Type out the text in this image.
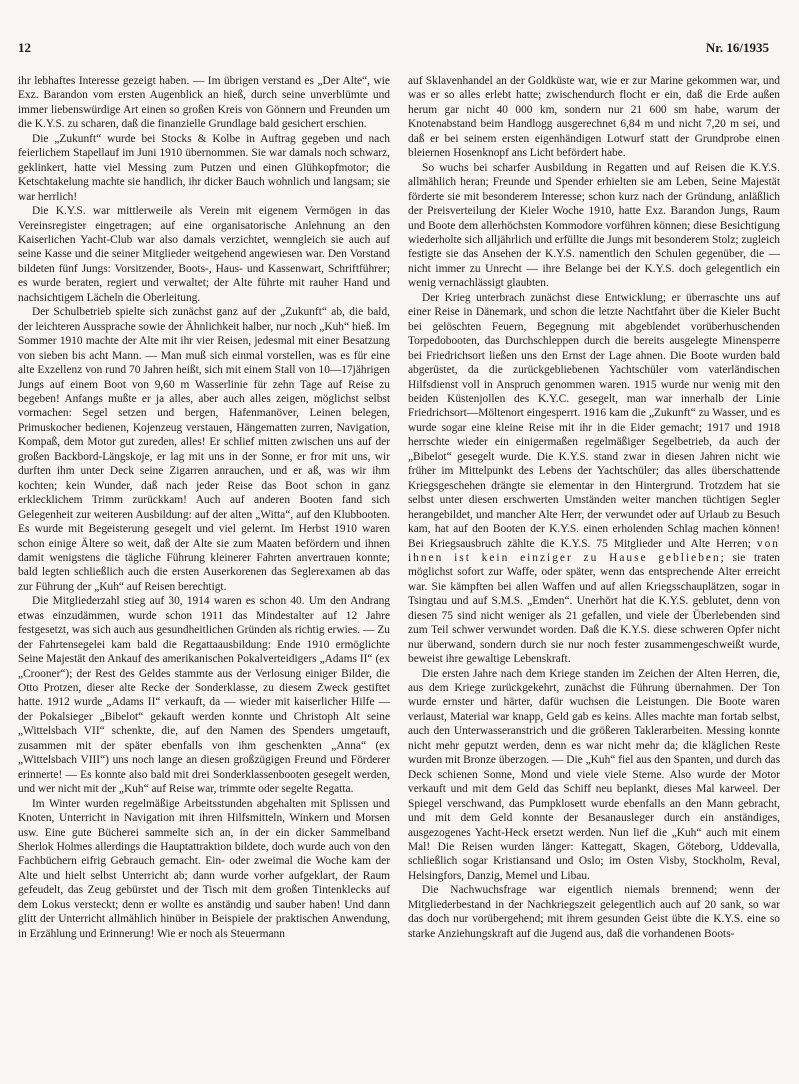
12	Nr. 16/1935

ihr lebhaftes Interesse gezeigt haben. — Im übrigen verstand es „Der Alte“, wie Exz. Barandon vom ersten Augenblick an hieß, durch seine unverblümte und immer liebenswürdige Art einen so großen Kreis von Gönnern und Freunden um die K.Y.S. zu scharen, daß die finanzielle Grundlage bald gesichert erschien.

Die „Zukunft“ wurde bei Stocks & Kolbe in Auftrag gegeben und nach feierlichem Stapellauf im Juni 1910 übernommen. Sie war damals noch schwarz, geklinkert, hatte viel Messing zum Putzen und einen Glühkopfmotor; die Ketschtakelung machte sie handlich, ihr dicker Bauch wohnlich und langsam; sie war herrlich!

Die K.Y.S. war mittlerweile als Verein mit eigenem Vermögen in das Vereinsregister eingetragen; auf eine organisatorische Anlehnung an den Kaiserlichen Yacht-Club war also damals verzichtet, wenngleich sie auch auf seine Kasse und die seiner Mitglieder weitgehend angewiesen war. Den Vorstand bildeten fünf Jungs: Vorsitzender, Boots-, Haus- und Kassenwart, Schriftführer; es wurde beraten, regiert und verwaltet; der Alte führte mit rauher Hand und nachsichtigem Lächeln die Oberleitung.

Der Schulbetrieb spielte sich zunächst ganz auf der „Zukunft“ ab, die bald, der leichteren Aussprache sowie der Ähnlichkeit halber, nur noch „Kuh“ hieß. Im Sommer 1910 machte der Alte mit ihr vier Reisen, jedesmal mit einer Besatzung von sieben bis acht Mann. — Man muß sich einmal vorstellen, was es für eine alte Exzellenz von rund 70 Jahren heißt, sich mit einem Stall von 10—17jährigen Jungs auf einem Boot von 9,60 m Wasserlinie für zehn Tage auf Reise zu begeben! Anfangs mußte er ja alles, aber auch alles zeigen, möglichst selbst vormachen: Segel setzen und bergen, Hafenmanöver, Leinen belegen, Primuskocher bedienen, Kojenzeug verstauen, Hängematten zurren, Navigation, Kompaß, dem Motor gut zureden, alles! Er schlief mitten zwischen uns auf der großen Backbord-Längskoje, er lag mit uns in der Sonne, er fror mit uns, wir durften ihm unter Deck seine Zigarren anrauchen, und er aß, was wir ihm kochten; kein Wunder, daß nach jeder Reise das Boot schon in ganz erklecklichem Trimm zurückkam! Auch auf anderen Booten fand sich Gelegenheit zur weiteren Ausbildung: auf der alten „Witta“, auf den Klubbooten. Es wurde mit Begeisterung gesegelt und viel gelernt. Im Herbst 1910 waren schon einige Ältere so weit, daß der Alte sie zum Maaten befördern und ihnen damit wenigstens die tägliche Führung kleinerer Fahrten anvertrauen konnte; bald legten schließlich auch die ersten Auserkorenen das Seglerexamen ab das zur Führung der „Kuh“ auf Reisen berechtigt.

Die Mitgliederzahl stieg auf 30, 1914 waren es schon 40. Um den Andrang etwas einzudämmen, wurde schon 1911 das Mindestalter auf 12 Jahre festgesetzt, was sich auch aus gesundheitlichen Gründen als richtig erwies. — Zu der Fahrtensegelei kam bald die Regattaausbildung: Ende 1910 ermöglichte Seine Majestät den Ankauf des amerikanischen Pokalverteidigers „Adams II“ (ex „Crooner“); der Rest des Geldes stammte aus der Verlosung einiger Bilder, die Otto Protzen, dieser alte Recke der Sonderklasse, zu diesem Zweck gestiftet hatte. 1912 wurde „Adams II“ verkauft, da — wieder mit kaiserlicher Hilfe — der Pokalsieger „Bibelot“ gekauft werden konnte und Christoph Alt seine „Wittelsbach VII“ schenkte, die, auf den Namen des Spenders umgetauft, zusammen mit der später ebenfalls von ihm geschenkten „Anna“ (ex „Wittelsbach VIII“) uns noch lange an diesen großzügigen Freund und Förderer erinnerte! — Es konnte also bald mit drei Sonderklassenbooten gesegelt werden, und wer nicht mit der „Kuh“ auf Reise war, trimmte oder segelte Regatta.

Im Winter wurden regelmäßige Arbeitsstunden abgehalten mit Splissen und Knoten, Unterricht in Navigation mit ihren Hilfsmitteln, Winkern und Morsen usw. Eine gute Bücherei sammelte sich an, in der ein dicker Sammelband Sherlok Holmes allerdings die Hauptattraktion bildete, doch wurde auch von den Fachbüchern eifrig Gebrauch gemacht. Ein- oder zweimal die Woche kam der Alte und hielt selbst Unterricht ab; dann wurde vorher aufgeklart, der Raum gefeudelt, das Zeug gebürstet und der Tisch mit dem großen Tintenklecks auf dem Lokus versteckt; denn er wollte es anständig und sauber haben! Und dann glitt der Unterricht allmählich hinüber in Beispiele der praktischen Anwendung, in Erzählung und Erinnerung! Wie er noch als Steuermann

auf Sklavenhandel an der Goldküste war, wie er zur Marine gekommen war, und was er so alles erlebt hatte; zwischendurch flocht er ein, daß die Erde außen herum gar nicht 40 000 km, sondern nur 21 600 sm habe, warum der Knotenabstand beim Handlogg ausgerechnet 6,84 m und nicht 7,20 m sei, und daß er bei seinem ersten eigenhändigen Lotwurf statt der Grundprobe einen bleiernen Hosenknopf ans Licht befördert habe.

So wuchs bei scharfer Ausbildung in Regatten und auf Reisen die K.Y.S. allmählich heran; Freunde und Spender erhielten sie am Leben, Seine Majestät förderte sie mit besonderem Interesse; schon kurz nach der Gründung, anläßlich der Preisverteilung der Kieler Woche 1910, hatte Exz. Barandon Jungs, Raum und Boote dem allerhöchsten Kommodore vorführen können; diese Besichtigung wiederholte sich alljährlich und erfüllte die Jungs mit besonderem Stolz; zugleich festigte sie das Ansehen der K.Y.S. namentlich den Schulen gegenüber, die — nicht immer zu Unrecht — ihre Belange bei der K.Y.S. doch gelegentlich ein wenig vernachlässigt glaubten.

Der Krieg unterbrach zunächst diese Entwicklung; er überraschte uns auf einer Reise in Dänemark, und schon die letzte Nachtfahrt über die Kieler Bucht bei gelöschten Feuern, Begegnung mit abgeblendet vorüberhuschenden Torpedobooten, das Durchschleppen durch die bereits ausgelegte Minensperre bei Friedrichsort ließen uns den Ernst der Lage ahnen. Die Boote wurden bald abgerüstet, da die zurückgebliebenen Yachtschüler vom vaterländischen Hilfsdienst voll in Anspruch genommen waren. 1915 wurde nur wenig mit den beiden Küstenjollen des K.Y.C. gesegelt, man war innerhalb der Linie Friedrichsort—Möltenort eingesperrt. 1916 kam die „Zukunft“ zu Wasser, und es wurde sogar eine kleine Reise mit ihr in die Eider gemacht; 1917 und 1918 herrschte wieder ein einigermaßen regelmäßiger Segelbetrieb, da auch der „Bibelot“ gesegelt wurde. Die K.Y.S. stand zwar in diesen Jahren nicht wie früher im Mittelpunkt des Lebens der Yachtschüler; das alles überschattende Kriegsgeschehen drängte sie elementar in den Hintergrund. Trotzdem hat sie selbst unter diesen erschwerten Umständen weiter manchen tüchtigen Segler herangebildet, und mancher Alte Herr, der verwundet oder auf Urlaub zu Besuch kam, hat auf den Booten der K.Y.S. einen erholenden Schlag machen können! Bei Kriegsausbruch zählte die K.Y.S. 75 Mitglieder und Alte Herren; von ihnen ist kein einziger zu Hause geblieben; sie traten möglichst sofort zur Waffe, oder später, wenn das entsprechende Alter erreicht war. Sie kämpften bei allen Waffen und auf allen Kriegsschauplätzen, sogar in Tsingtau und auf S.M.S. „Emden“. Unerhört hat die K.Y.S. geblutet, denn von diesen 75 sind nicht weniger als 21 gefallen, und viele der Überlebenden sind zum Teil schwer verwundet worden. Daß die K.Y.S. diese schweren Opfer nicht nur überwand, sondern durch sie nur noch fester zusammengeschweißt wurde, beweist ihre gewaltige Lebenskraft.

Die ersten Jahre nach dem Kriege standen im Zeichen der Alten Herren, die, aus dem Kriege zurückgekehrt, zunächst die Führung übernahmen. Der Ton wurde ernster und härter, dafür wuchsen die Leistungen. Die Boote waren verlaust, Material war knapp, Geld gab es keins. Alles machte man fortab selbst, auch den Unterwasseranstrich und die größeren Taklerarbeiten. Messing konnte nicht mehr geputzt werden, denn es war nicht mehr da; die kläglichen Reste wurden mit Bronze überzogen. — Die „Kuh“ fiel aus den Spanten, und durch das Deck schienen Sonne, Mond und viele viele Sterne. Also wurde der Motor verkauft und mit dem Geld das Schiff neu beplankt, dieses Mal karweel. Der Spiegel verschwand, das Pumpklosett wurde ebenfalls an den Mann gebracht, und mit dem Geld konnte der Besanausleger durch ein anständiges, ausgezogenes Yacht-Heck ersetzt werden. Nun lief die „Kuh“ auch mit einem Mal! Die Reisen wurden länger: Kattegatt, Skagen, Göteborg, Uddevalla, schließlich sogar Kristiansand und Oslo; im Osten Visby, Stockholm, Reval, Helsingfors, Danzig, Memel und Libau.

Die Nachwuchsfrage war eigentlich niemals brennend; wenn der Mitgliederbestand in der Nachkriegszeit gelegentlich auch auf 20 sank, so war das doch nur vorübergehend; mit ihrem gesunden Geist übte die K.Y.S. eine so starke Anziehungskraft auf die Jugend aus, daß die vorhandenen Boots-
